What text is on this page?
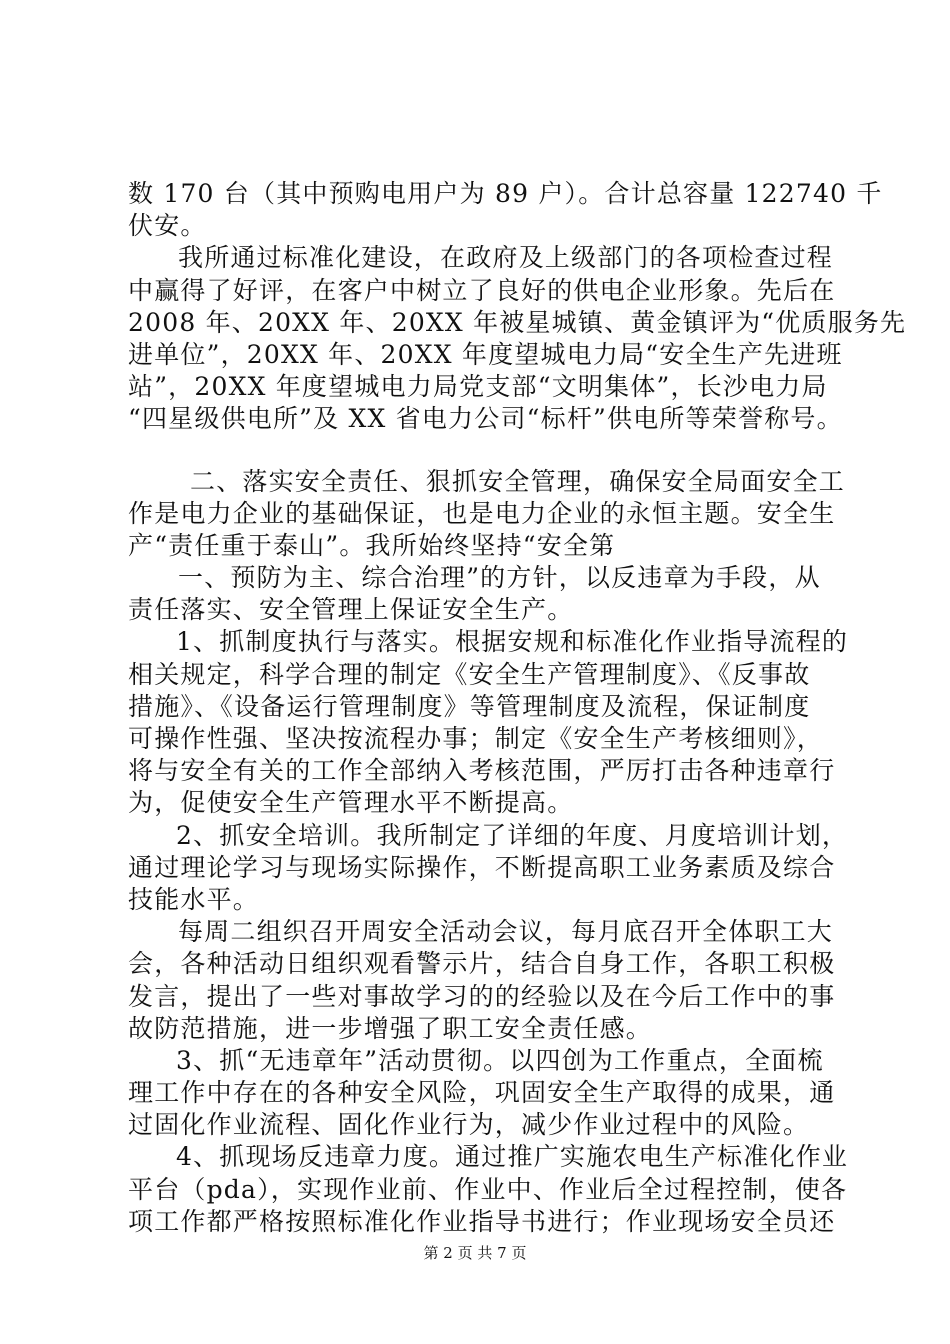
数 170 台（其中预购电用户为 89 户）。合计总容量 122740 千
伏安。
我所通过标准化建设，在政府及上级部门的各项检查过程
中赢得了好评，在客户中树立了良好的供电企业形象。先后在
2008 年、20XX 年、20XX 年被星城镇、黄金镇评为“优质服务先
进单位”，20XX 年、20XX 年度望城电力局“安全生产先进班
站”，20XX 年度望城电力局党支部“文明集体”，长沙电力局
“四星级供电所”及 XX 省电力公司“标杆”供电所等荣誉称号。
二、落实安全责任、狠抓安全管理，确保安全局面安全工
作是电力企业的基础保证，也是电力企业的永恒主题。安全生
产“责任重于泰山”。我所始终坚持“安全第
一、预防为主、综合治理”的方针，以反违章为手段，从
责任落实、安全管理上保证安全生产。
1、抓制度执行与落实。根据安规和标准化作业指导流程的
相关规定，科学合理的制定《安全生产管理制度》、《反事故
措施》、《设备运行管理制度》等管理制度及流程，保证制度
可操作性强、坚决按流程办事；制定《安全生产考核细则》，
将与安全有关的工作全部纳入考核范围，严厉打击各种违章行
为，促使安全生产管理水平不断提高。
2、抓安全培训。我所制定了详细的年度、月度培训计划，
通过理论学习与现场实际操作，不断提高职工业务素质及综合
技能水平。
每周二组织召开周安全活动会议，每月底召开全体职工大
会，各种活动日组织观看警示片，结合自身工作，各职工积极
发言，提出了一些对事故学习的的经验以及在今后工作中的事
故防范措施，进一步增强了职工安全责任感。
3、抓“无违章年”活动贯彻。以四创为工作重点，全面梳
理工作中存在的各种安全风险，巩固安全生产取得的成果，通
过固化作业流程、固化作业行为，减少作业过程中的风险。
4、抓现场反违章力度。通过推广实施农电生产标准化作业
平台（pda），实现作业前、作业中、作业后全过程控制，使各
项工作都严格按照标准化作业指导书进行；作业现场安全员还
第 2 页 共 7 页
